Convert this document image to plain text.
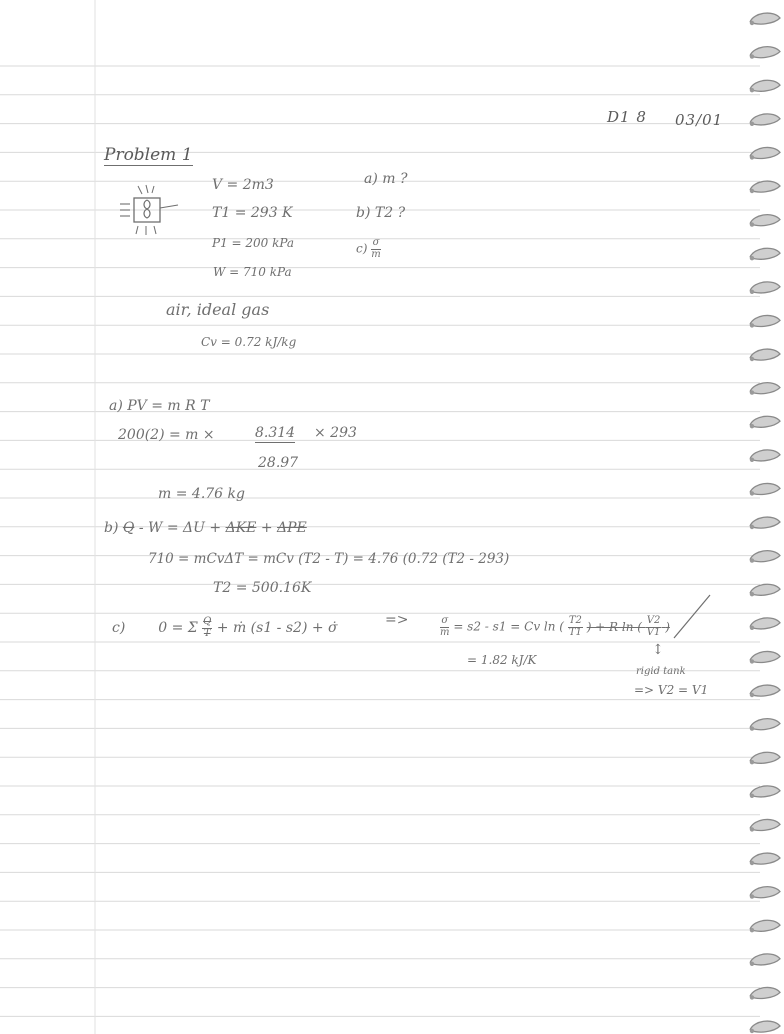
D1 8 03/01
Problem 1
V = 2m3
T1 = 293 K
P1 = 200 kPa
W = 710 kPa
a) m ?
b) T2 ?
$c) \frac{\sigma}{m}$
air, ideal gas
Cv = 0.72 kJ/kg
a) PV = m R T
200(2) = m ×	8.314 × 293
28.97
m = 4.76 kg
b) Q - W = ΔU + ΔKE + ΔPE
710 = mCvΔT = mCv (T2 - T) = 4.76 (0.72 (T2 - 293)
T2 = 500.16K
c) 0 = Σ $\frac{Q}{T}$ + ṁ (s1 - s2) + σ̇	=>	$\frac{\sigma}{m} = s2 - s1 = Cv$ ln ( $\frac{T2}{T1}$ ) + R ln ( $\frac{V2}{V1}$ )
= 1.82 kJ/K
↕
rigid tank
=> V2 = V1
